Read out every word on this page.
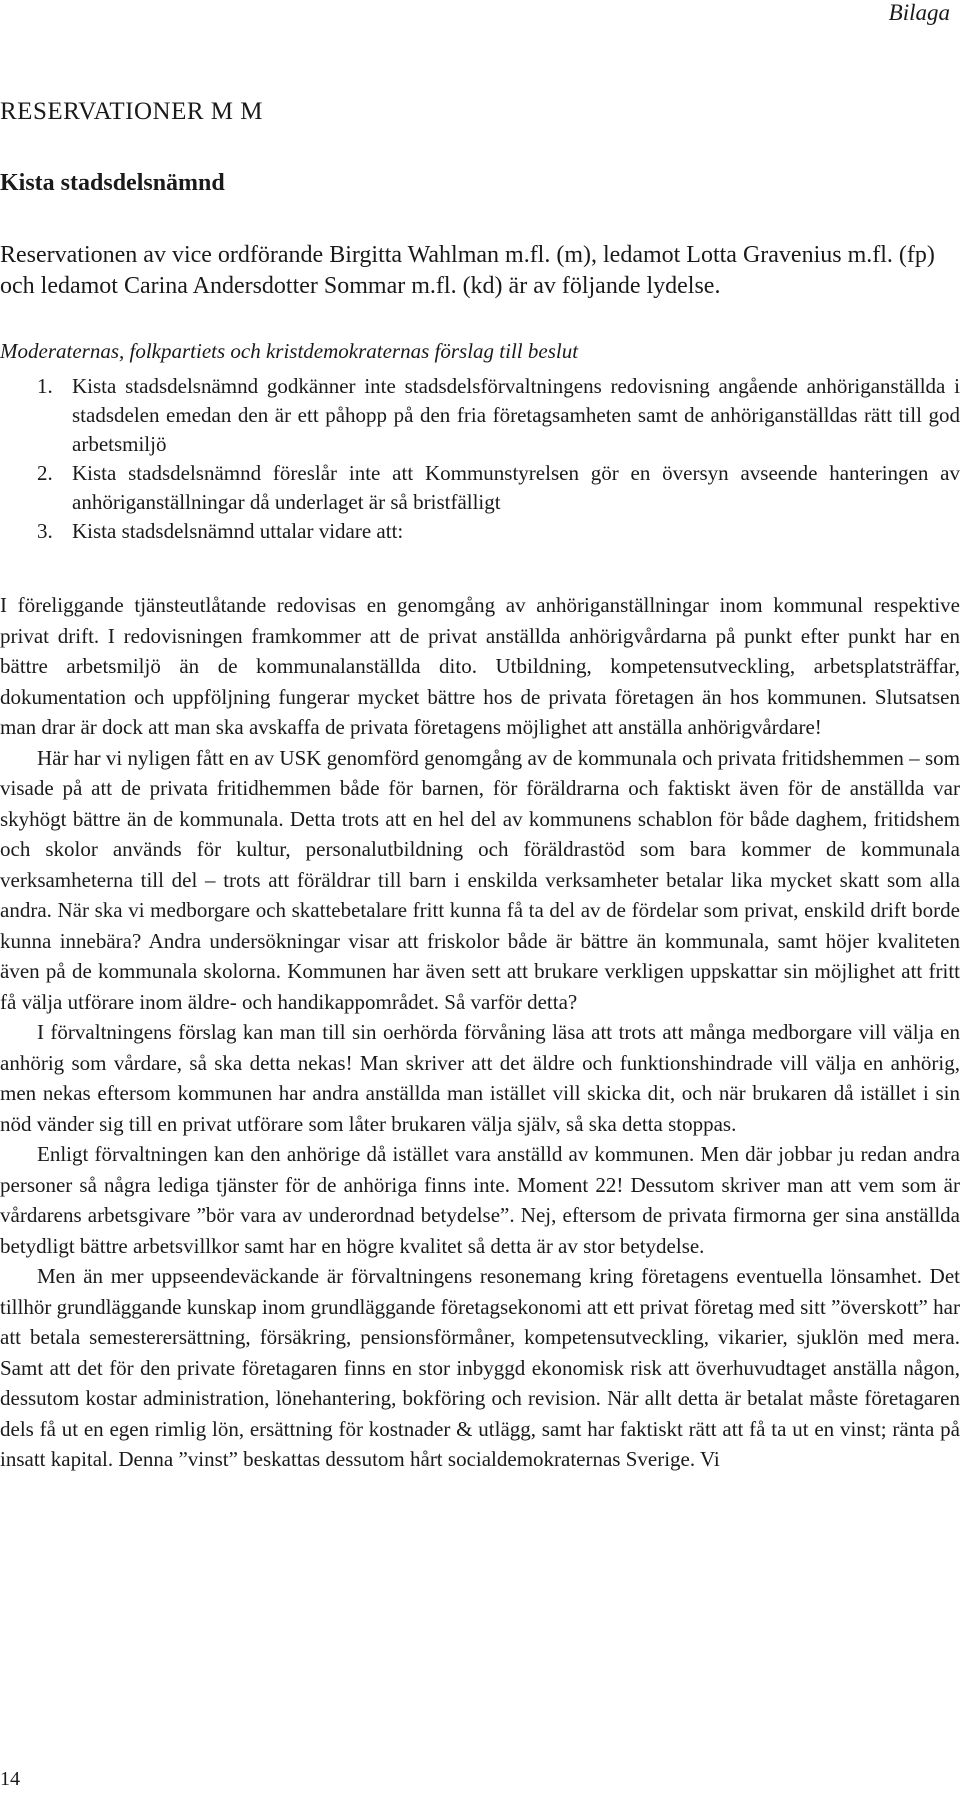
Bilaga
RESERVATIONER M M
Kista stadsdelsnämnd

Reservationen av vice ordförande Birgitta Wahlman m.fl. (m), ledamot Lotta Gravenius m.fl. (fp) och ledamot Carina Andersdotter Sommar m.fl. (kd) är av följande lydelse.

Moderaternas, folkpartiets och kristdemokraternas förslag till beslut
1. Kista stadsdelsnämnd godkänner inte stadsdelsförvaltningens redovisning angående anhöriganställda i stadsdelen emedan den är ett påhopp på den fria företagsamheten samt de anhöriganställdas rätt till god arbetsmiljö
2. Kista stadsdelsnämnd föreslår inte att Kommunstyrelsen gör en översyn avseende hanteringen av anhöriganställningar då underlaget är så bristfälligt
3. Kista stadsdelsnämnd uttalar vidare att:

I föreliggande tjänsteutlåtande redovisas en genomgång av anhöriganställningar inom kommunal respektive privat drift. I redovisningen framkommer att de privat anställda anhörigvårdarna på punkt efter punkt har en bättre arbetsmiljö än de kommunalanställda dito. Utbildning, kompetensutveckling, arbetsplatsträffar, dokumentation och uppföljning fungerar mycket bättre hos de privata företagen än hos kommunen. Slutsatsen man drar är dock att man ska avskaffa de privata företagens möjlighet att anställa anhörigvårdare!

Här har vi nyligen fått en av USK genomförd genomgång av de kommunala och privata fritidshemmen – som visade på att de privata fritidhemmen både för barnen, för föräldrarna och faktiskt även för de anställda var skyhögt bättre än de kommunala. Detta trots att en hel del av kommunens schablon för både daghem, fritidshem och skolor används för kultur, personalutbildning och föräldrastöd som bara kommer de kommunala verksamheterna till del – trots att föräldrar till barn i enskilda verksamheter betalar lika mycket skatt som alla andra. När ska vi medborgare och skattebetalare fritt kunna få ta del av de fördelar som privat, enskild drift borde kunna innebära? Andra undersökningar visar att friskolor både är bättre än kommunala, samt höjer kvaliteten även på de kommunala skolorna. Kommunen har även sett att brukare verkligen uppskattar sin möjlighet att fritt få välja utförare inom äldre- och handikappområdet. Så varför detta?

I förvaltningens förslag kan man till sin oerhörda förvåning läsa att trots att många medborgare vill välja en anhörig som vårdare, så ska detta nekas! Man skriver att det äldre och funktionshindrade vill välja en anhörig, men nekas eftersom kommunen har andra anställda man istället vill skicka dit, och när brukaren då istället i sin nöd vänder sig till en privat utförare som låter brukaren välja själv, så ska detta stoppas.

Enligt förvaltningen kan den anhörige då istället vara anställd av kommunen. Men där jobbar ju redan andra personer så några lediga tjänster för de anhöriga finns inte. Moment 22! Dessutom skriver man att vem som är vårdarens arbetsgivare ”bör vara av underordnad betydelse”. Nej, eftersom de privata firmorna ger sina anställda betydligt bättre arbetsvillkor samt har en högre kvalitet så detta är av stor betydelse.

Men än mer uppseendeväckande är förvaltningens resonemang kring företagens eventuella lönsamhet. Det tillhör grundläggande kunskap inom grundläggande företagsekonomi att ett privat företag med sitt ”överskott” har att betala semesterersättning, försäkring, pensionsförmåner, kompetensutveckling, vikarier, sjuklön med mera. Samt att det för den private företagaren finns en stor inbyggd ekonomisk risk att överhuvudtaget anställa någon, dessutom kostar administration, lönehantering, bokföring och revision. När allt detta är betalat måste företagaren dels få ut en egen rimlig lön, ersättning för kostnader & utlägg, samt har faktiskt rätt att få ta ut en vinst; ränta på insatt kapital. Denna ”vinst” beskattas dessutom hårt socialdemokraternas Sverige. Vi

14
